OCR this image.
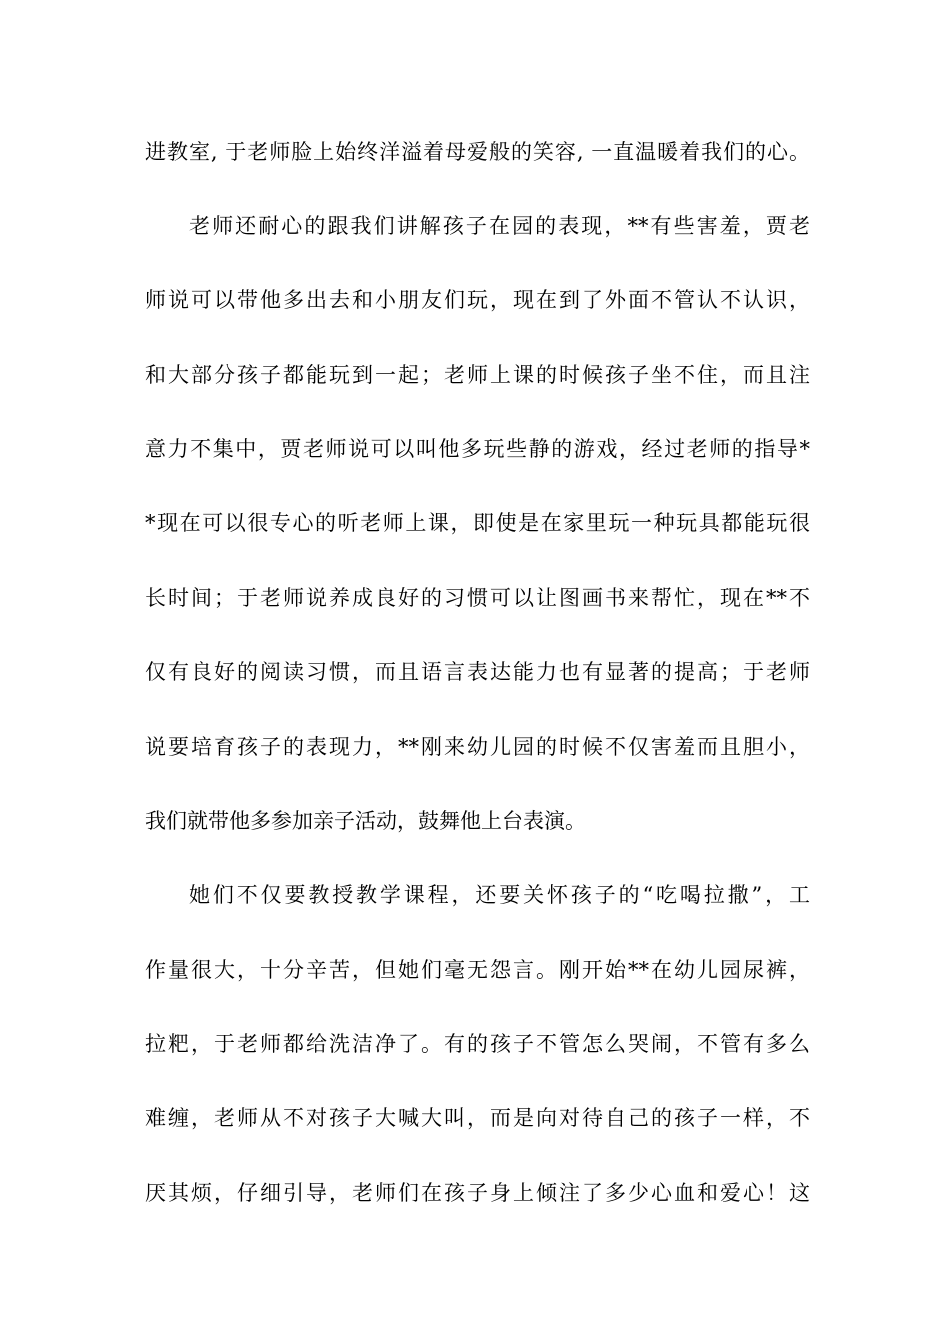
进教室, 于老师脸上始终洋溢着母爱般的笑容, 一直温暖着我们的心。
老师还耐心的跟我们讲解孩子在园的表现，**有些害羞，贾老
师说可以带他多出去和小朋友们玩，现在到了外面不管认不认识，
和大部分孩子都能玩到一起；老师上课的时候孩子坐不住，而且注
意力不集中，贾老师说可以叫他多玩些静的游戏，经过老师的指导*
*现在可以很专心的听老师上课，即使是在家里玩一种玩具都能玩很
长时间；于老师说养成良好的习惯可以让图画书来帮忙，现在**不
仅有良好的阅读习惯，而且语言表达能力也有显著的提高；于老师
说要培育孩子的表现力，**刚来幼儿园的时候不仅害羞而且胆小，
我们就带他多参加亲子活动，鼓舞他上台表演。
她们不仅要教授教学课程，还要关怀孩子的“吃喝拉撒”，工
作量很大，十分辛苦，但她们毫无怨言。刚开始**在幼儿园尿裤，
拉粑，于老师都给洗洁净了。有的孩子不管怎么哭闹，不管有多么
难缠，老师从不对孩子大喊大叫，而是向对待自己的孩子一样，不
厌其烦，仔细引导，老师们在孩子身上倾注了多少心血和爱心！这
